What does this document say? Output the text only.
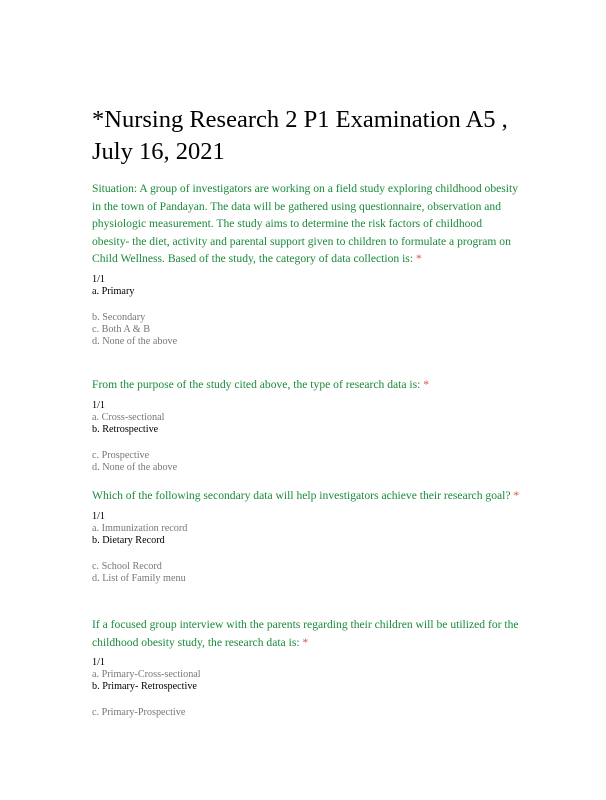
*Nursing Research 2 P1 Examination A5 , July 16, 2021

Situation: A group of investigators are working on a field study exploring childhood obesity in the town of Pandayan. The data will be gathered using questionnaire, observation and physiologic measurement. The study aims to determine the risk factors of childhood obesity- the diet, activity and parental support given to children to formulate a program on Child Wellness. Based of the study, the category of data collection is: *

1/1
a. Primary
b. Secondary
c. Both A & B
d. None of the above

From the purpose of the study cited above, the type of research data is: *

1/1
a. Cross-sectional
b. Retrospective
c. Prospective
d. None of the above

Which of the following secondary data will help investigators achieve their research goal? *

1/1
a. Immunization record
b. Dietary Record
c. School Record
d. List of Family menu

If a focused group interview with the parents regarding their children will be utilized for the childhood obesity study, the research data is: *

1/1
a. Primary-Cross-sectional
b. Primary- Retrospective
c. Primary-Prospective
